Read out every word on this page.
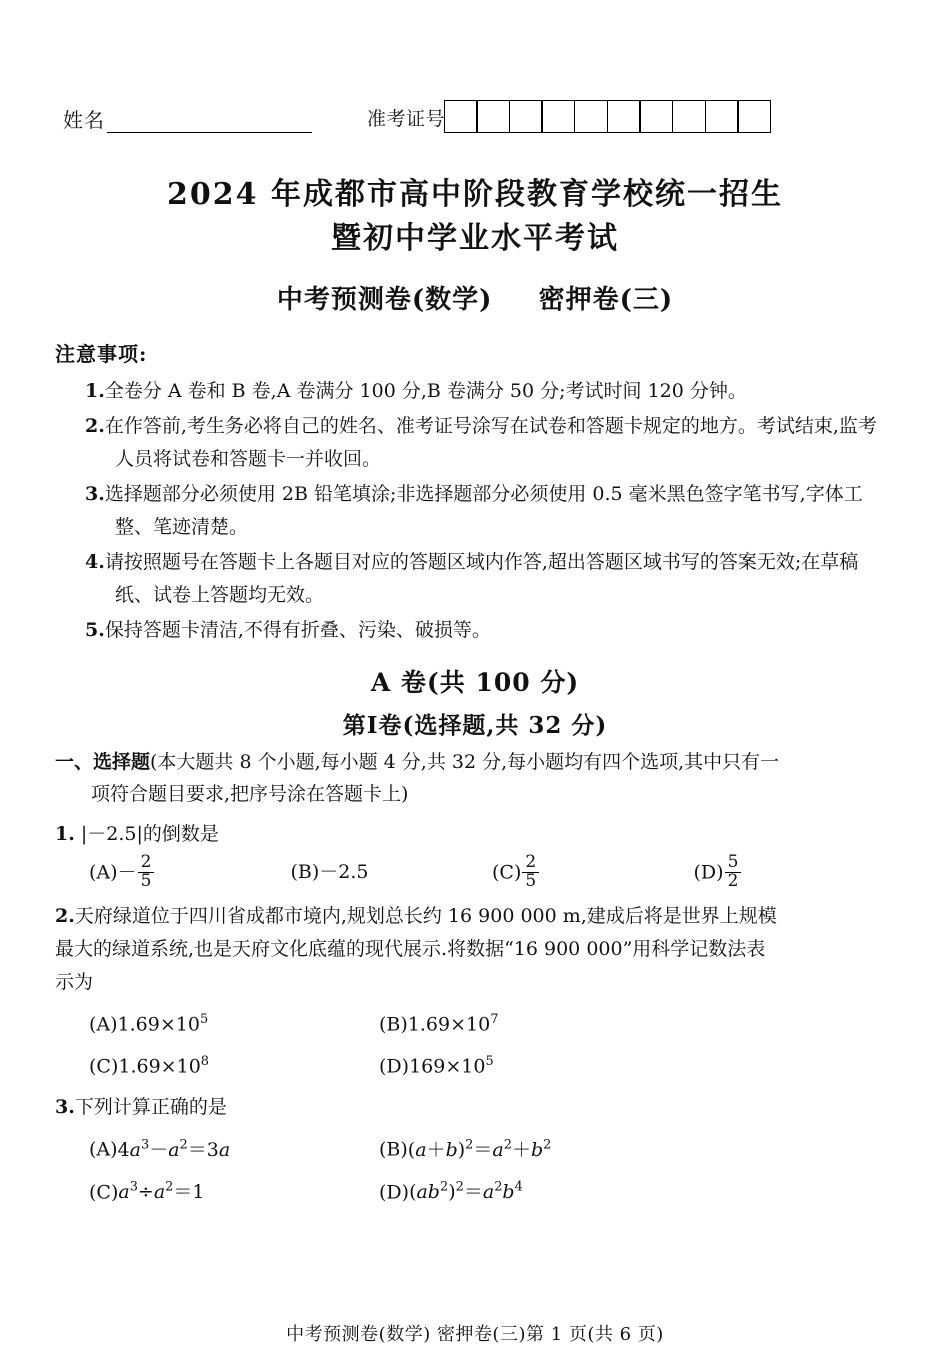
姓名	准考证号
2024 年成都市高中阶段教育学校统一招生
暨初中学业水平考试
中考预测卷(数学) 密押卷(三)
注意事项:
1.全卷分 A 卷和 B 卷,A 卷满分 100 分,B 卷满分 50 分;考试时间 120 分钟。
2.在作答前,考生务必将自己的姓名、准考证号涂写在试卷和答题卡规定的地方。考试结束,监考人员将试卷和答题卡一并收回。
3.选择题部分必须使用 2B 铅笔填涂;非选择题部分必须使用 0.5 毫米黑色签字笔书写,字体工整、笔迹清楚。
4.请按照题号在答题卡上各题目对应的答题区域内作答,超出答题区域书写的答案无效;在草稿纸、试卷上答题均无效。
5.保持答题卡清洁,不得有折叠、污染、破损等。
A 卷(共 100 分)
第Ⅰ卷(选择题,共 32 分)
一、选择题(本大题共 8 个小题,每小题 4 分,共 32 分,每小题均有四个选项,其中只有一
项符合题目要求,把序号涂在答题卡上)
1. |－2.5|的倒数是
$(A)- \frac{2}{5}$	(B)－2.5	$(C) \frac{2}{5}$	$(D) \frac{5}{2}$
2.天府绿道位于四川省成都市境内,规划总长约 16 900 000 m,建成后将是世界上规模
最大的绿道系统,也是天府文化底蕴的现代展示.将数据“16 900 000”用科学记数法表
示为
$(A)1.69\times 10^5$	$(B)1.69\times 10^7$
$(C)1.69\times 10^8$	$(D)169\times 10^5$
3.下列计算正确的是
$(A)4a^3-a^2=3a$	$(B)(a+b)^2=a^2+b^2$
$(C)a^3\div a^2=1$	$(D)(ab^2)^2=a^2b^4$
中考预测卷(数学) 密押卷(三)第 1 页(共 6 页)
